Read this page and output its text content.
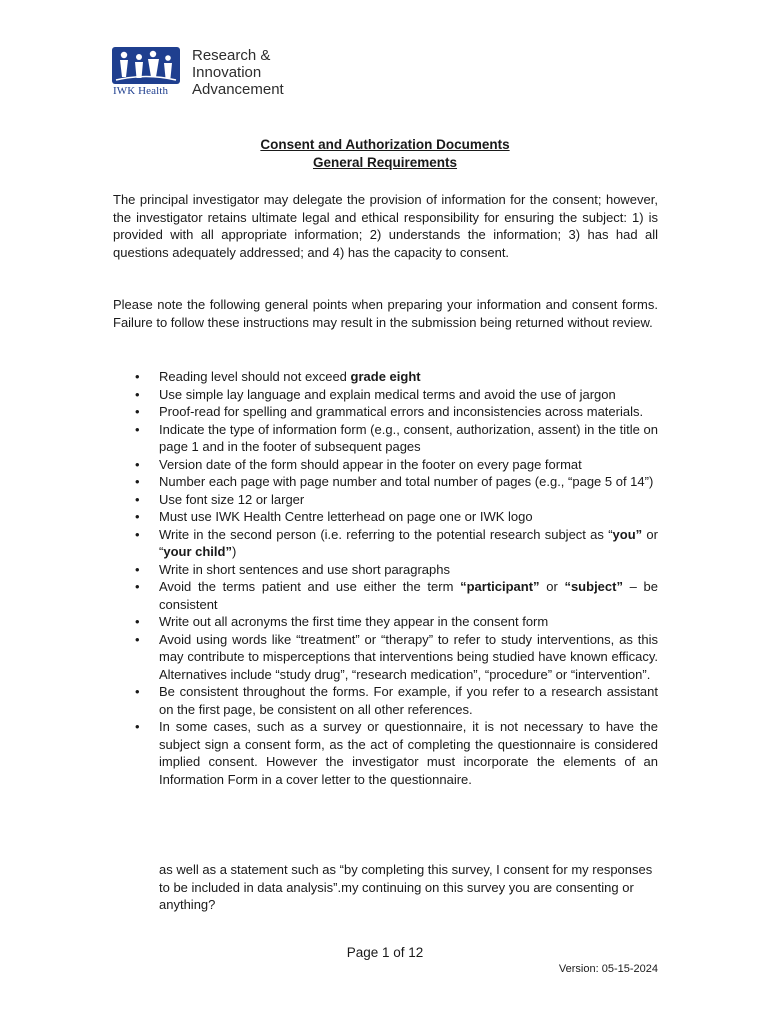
IWK Health
Research &
Innovation
Advancement
Consent and Authorization Documents
General Requirements

The principal investigator may delegate the provision of information for the consent; however, the investigator retains ultimate legal and ethical responsibility for ensuring the subject: 1) is provided with all appropriate information; 2) understands the information; 3) has had all questions adequately addressed; and 4) has the capacity to consent.

Please note the following general points when preparing your information and consent forms. Failure to follow these instructions may result in the submission being returned without review.

• Reading level should not exceed grade eight
• Use simple lay language and explain medical terms and avoid the use of jargon
• Proof-read for spelling and grammatical errors and inconsistencies across materials.
• Indicate the type of information form (e.g., consent, authorization, assent) in the title on page 1 and in the footer of subsequent pages
• Version date of the form should appear in the footer on every page format
• Number each page with page number and total number of pages (e.g., “page 5 of 14”)
• Use font size 12 or larger
• Must use IWK Health Centre letterhead on page one or IWK logo
• Write in the second person (i.e. referring to the potential research subject as “you” or “your child”)
• Write in short sentences and use short paragraphs
• Avoid the terms patient and use either the term “participant” or “subject” – be consistent
• Write out all acronyms the first time they appear in the consent form
• Avoid using words like “treatment” or “therapy” to refer to study interventions, as this may contribute to misperceptions that interventions being studied have known efficacy. Alternatives include “study drug”, “research medication”, “procedure” or “intervention”.
• Be consistent throughout the forms. For example, if you refer to a research assistant on the first page, be consistent on all other references.
• In some cases, such as a survey or questionnaire, it is not necessary to have the subject sign a consent form, as the act of completing the questionnaire is considered implied consent. However the investigator must incorporate the elements of an Information Form in a cover letter to the questionnaire.

as well as a statement such as “by completing this survey, I consent for my responses to be included in data analysis”.my continuing on this survey you are consenting or anything?

Page 1 of 12
Version: 05-15-2024
